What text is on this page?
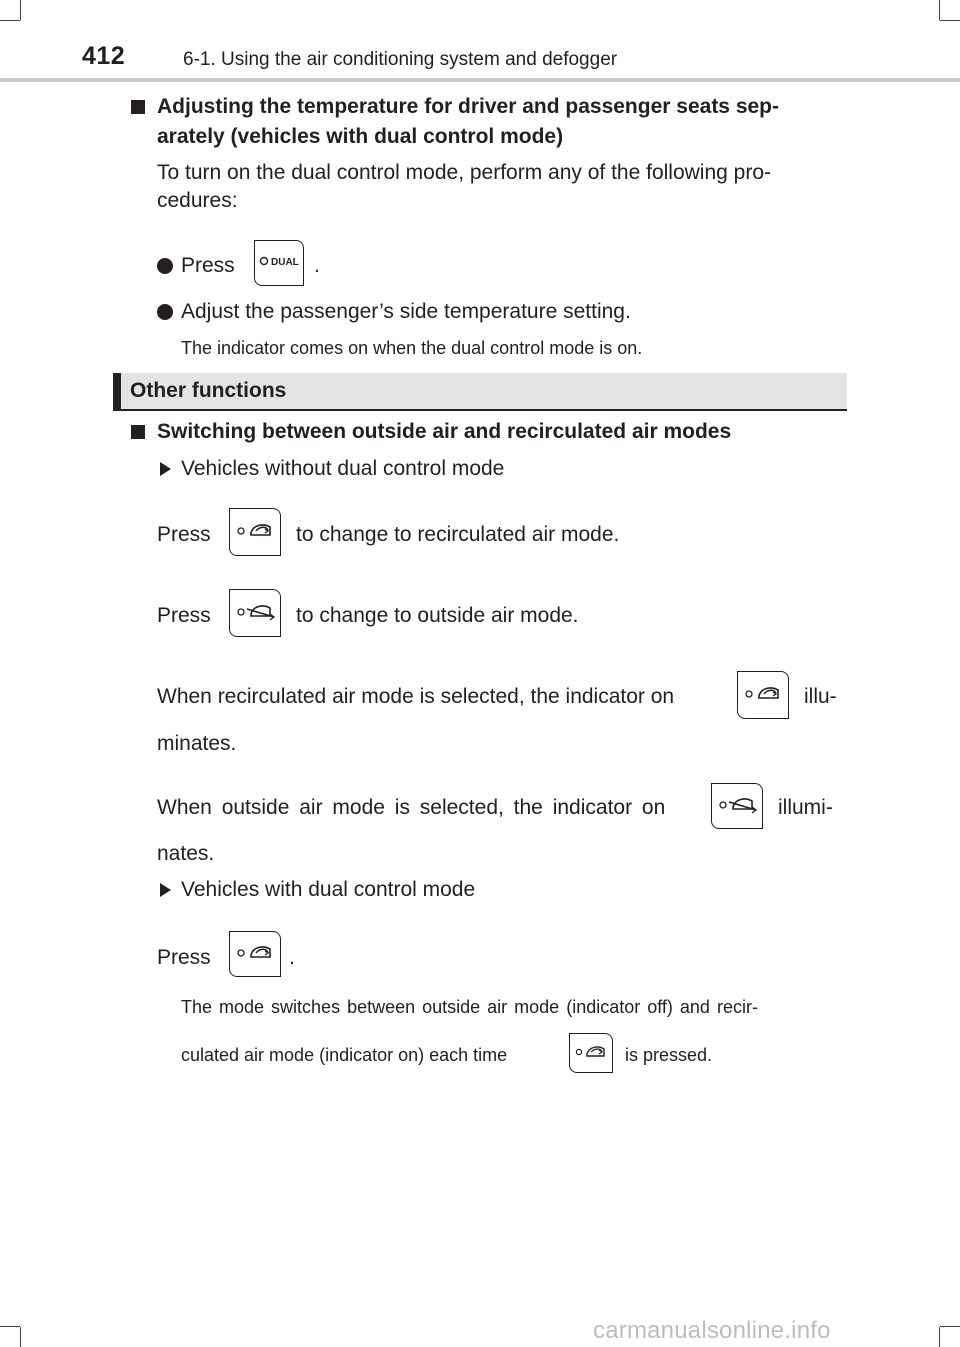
412	6-1. Using the air conditioning system and defogger
Adjusting the temperature for driver and passenger seats sep-
arately (vehicles with dual control mode)
To turn on the dual control mode, perform any of the following pro-
cedures:
Press	DUAL .
Adjust the passenger’s side temperature setting.
The indicator comes on when the dual control mode is on.
Other functions
Switching between outside air and recirculated air modes
Vehicles without dual control mode
Press	to change to recirculated air mode.
Press	to change to outside air mode.
When recirculated air mode is selected, the indicator on	illu-
minates.
When outside air mode is selected, the indicator on	illumi-
nates.
Vehicles with dual control mode
Press	.
The mode switches between outside air mode (indicator off) and recir-
culated air mode (indicator on) each time	is pressed.
carmanualsonline.info
